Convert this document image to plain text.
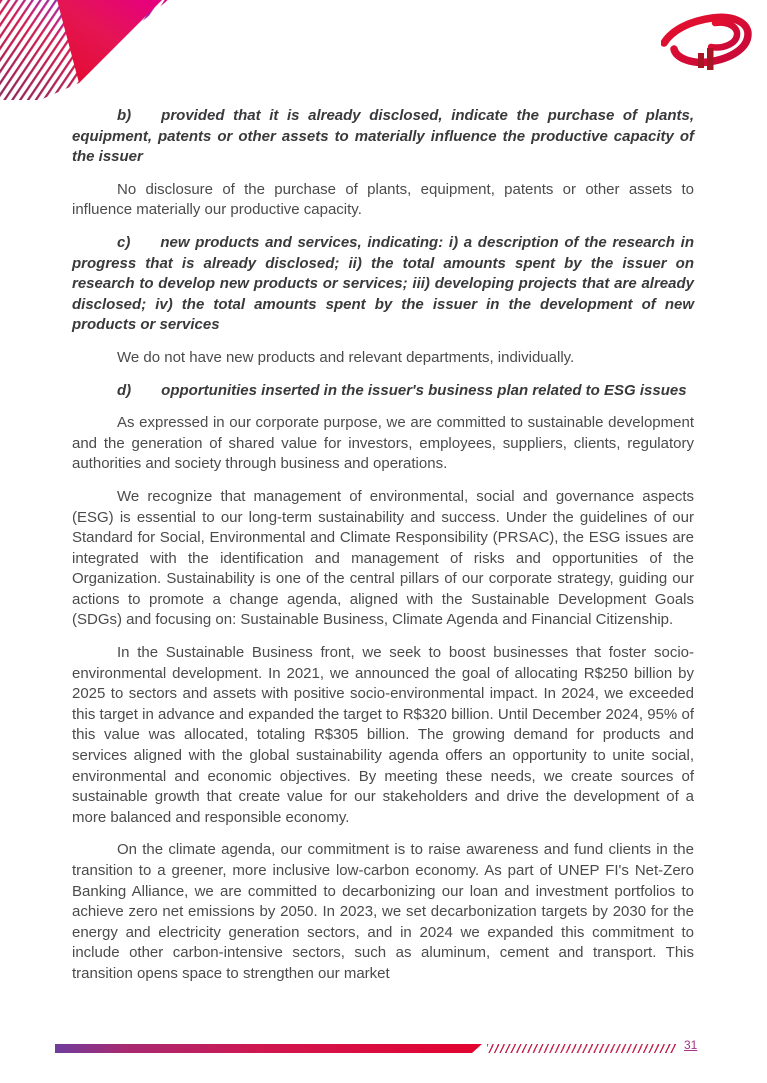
b) provided that it is already disclosed, indicate the purchase of plants, equipment, patents or other assets to materially influence the productive capacity of the issuer

No disclosure of the purchase of plants, equipment, patents or other assets to influence materially our productive capacity.

c) new products and services, indicating: i) a description of the research in progress that is already disclosed; ii) the total amounts spent by the issuer on research to develop new products or services; iii) developing projects that are already disclosed; iv) the total amounts spent by the issuer in the development of new products or services

We do not have new products and relevant departments, individually.

d) opportunities inserted in the issuer's business plan related to ESG issues

As expressed in our corporate purpose, we are committed to sustainable development and the generation of shared value for investors, employees, suppliers, clients, regulatory authorities and society through business and operations.

We recognize that management of environmental, social and governance aspects (ESG) is essential to our long-term sustainability and success. Under the guidelines of our Standard for Social, Environmental and Climate Responsibility (PRSAC), the ESG issues are integrated with the identification and management of risks and opportunities of the Organization. Sustainability is one of the central pillars of our corporate strategy, guiding our actions to promote a change agenda, aligned with the Sustainable Development Goals (SDGs) and focusing on: Sustainable Business, Climate Agenda and Financial Citizenship.

In the Sustainable Business front, we seek to boost businesses that foster socio-environmental development. In 2021, we announced the goal of allocating R$250 billion by 2025 to sectors and assets with positive socio-environmental impact. In 2024, we exceeded this target in advance and expanded the target to R$320 billion. Until December 2024, 95% of this value was allocated, totaling R$305 billion. The growing demand for products and services aligned with the global sustainability agenda offers an opportunity to unite social, environmental and economic objectives. By meeting these needs, we create sources of sustainable growth that create value for our stakeholders and drive the development of a more balanced and responsible economy.

On the climate agenda, our commitment is to raise awareness and fund clients in the transition to a greener, more inclusive low-carbon economy. As part of UNEP FI's Net-Zero Banking Alliance, we are committed to decarbonizing our loan and investment portfolios to achieve zero net emissions by 2050. In 2023, we set decarbonization targets by 2030 for the energy and electricity generation sectors, and in 2024 we expanded this commitment to include other carbon-intensive sectors, such as aluminum, cement and transport. This transition opens space to strengthen our market

31
